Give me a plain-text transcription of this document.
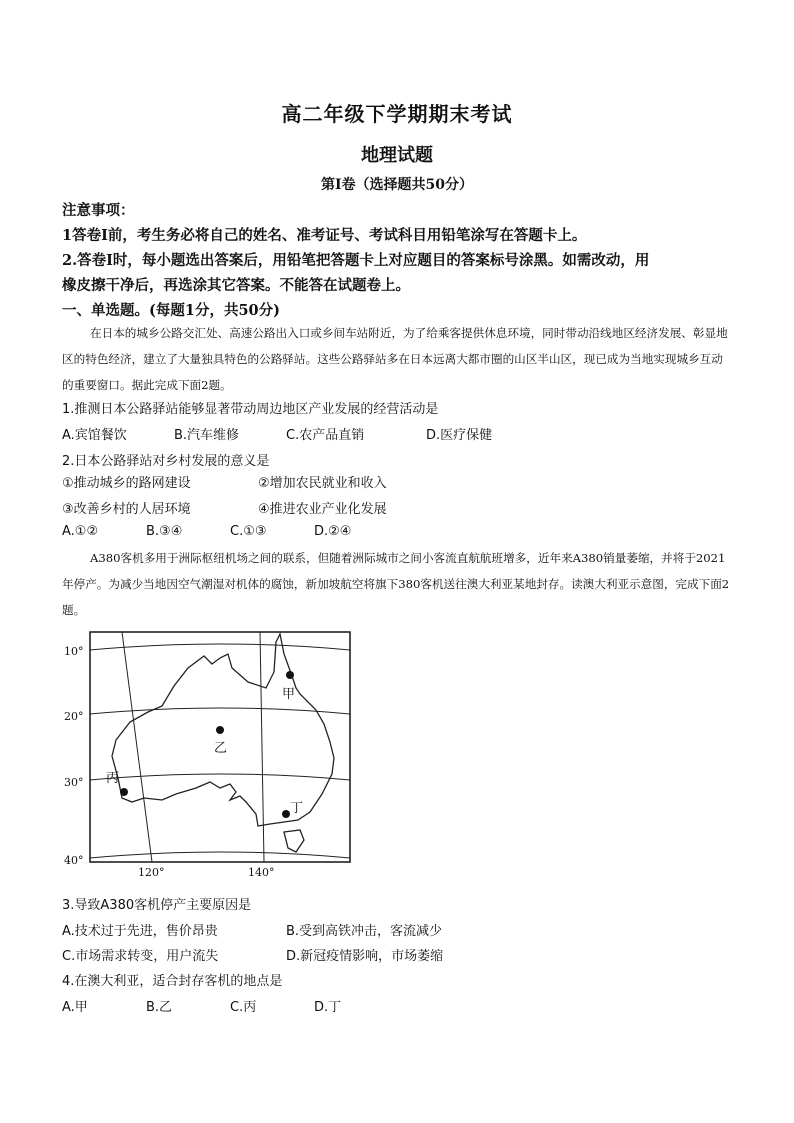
高二年级下学期期末考试
地理试题
第Ⅰ卷（选择题共50分）
注意事项：
1答卷Ⅰ前，考生务必将自己的姓名、准考证号、考试科目用铅笔涂写在答题卡上。
2.答卷Ⅰ时，每小题选出答案后，用铅笔把答题卡上对应题目的答案标号涂黑。如需改动，用
橡皮擦干净后，再选涂其它答案。不能答在试题卷上。
一、单选题。(每题1分，共50分)
在日本的城乡公路交汇处、高速公路出入口或乡间车站附近，为了给乘客提供休息环境，同时带动沿线地区经济发展、彰显地区的特色经济，建立了大量独具特色的公路驿站。这些公路驿站多在日本远离大都市圈的山区半山区，现已成为当地实现城乡互动的重要窗口。据此完成下面2题。
1.推测日本公路驿站能够显著带动周边地区产业发展的经营活动是
A.宾馆餐饮	B.汽车维修	C.农产品直销	D.医疗保健
2.日本公路驿站对乡村发展的意义是
①推动城乡的路网建设	②增加农民就业和收入
③改善乡村的人居环境	④推进农业产业化发展
A.①②	B.③④	C.①③	D.②④
A380客机多用于洲际枢纽机场之间的联系，但随着洲际城市之间小客流直航航班增多，近年来A380销量萎缩，并将于2021年停产。为减少当地因空气潮湿对机体的腐蚀，新加坡航空将旗下380客机送往澳大利亚某地封存。读澳大利亚示意图，完成下面2题。
甲
乙
丙
丁
10°
20°
30°
40°
120°	140°
3.导致A380客机停产主要原因是
A.技术过于先进，售价昂贵	B.受到高铁冲击，客流减少
C.市场需求转变，用户流失	D.新冠疫情影响，市场萎缩
4.在澳大利亚，适合封存客机的地点是
A.甲	B.乙	C.丙	D.丁
